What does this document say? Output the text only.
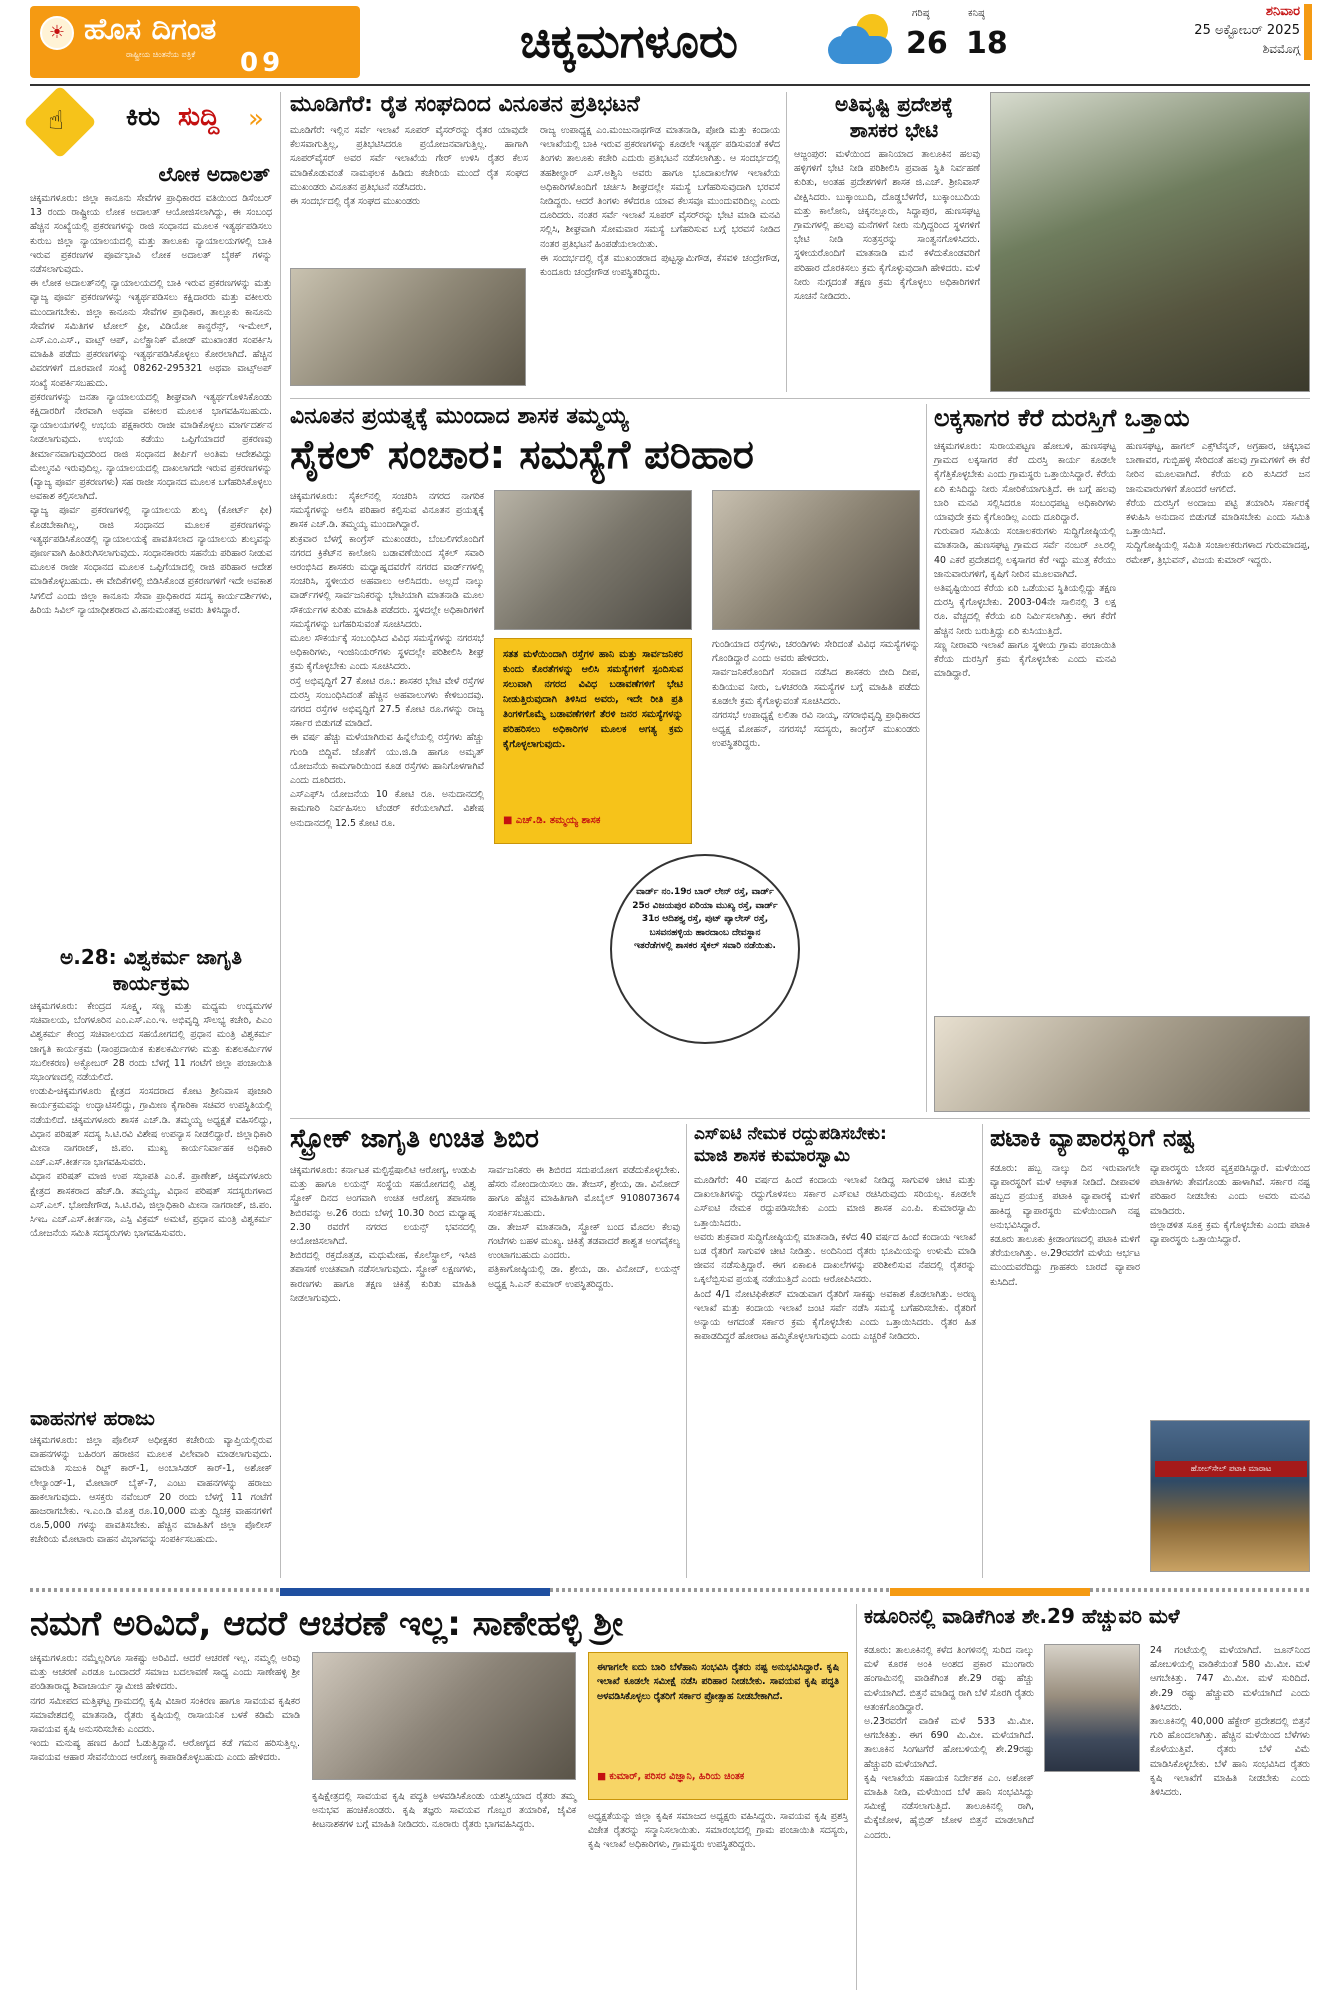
☀ ಹೊಸ ದಿಗಂತ
ರಾಷ್ಟ್ರೀಯ ಚಿಂತನೆಯ ಪತ್ರಿಕೆ 09	ಚಿಕ್ಕಮಗಳೂರು
ಗರಿಷ್ಠ
26
ಕನಿಷ್ಠ
18
ಶನಿವಾರ
25 ಅಕ್ಟೋಬರ್ 2025
ಶಿವಮೊಗ್ಗ
☝ ಕಿರು ಸುದ್ದಿ »
ಲೋಕ ಅದಾಲತ್
ಚಿಕ್ಕಮಗಳೂರು: ಜಿಲ್ಲಾ ಕಾನೂನು ಸೇವೆಗಳ ಪ್ರಾಧಿಕಾರದ ವತಿಯಿಂದ ಡಿಸೆಂಬರ್ 13 ರಂದು ರಾಷ್ಟ್ರೀಯ ಲೋಕ ಅದಾಲತ್ ಆಯೋಜಿಸಲಾಗಿದ್ದು, ಈ ಸಂಬಂಧ ಹೆಚ್ಚಿನ ಸಂಖ್ಯೆಯಲ್ಲಿ ಪ್ರಕರಣಗಳನ್ನು ರಾಜಿ ಸಂಧಾನದ ಮೂಲಕ ಇತ್ಯರ್ಥಪಡಿಸಲು ಕುರುಬ ಜಿಲ್ಲಾ ನ್ಯಾಯಾಲಯದಲ್ಲಿ ಮತ್ತು ತಾಲೂಕು ನ್ಯಾಯಾಲಯಗಳಲ್ಲಿ ಬಾಕಿ ಇರುವ ಪ್ರಕರಣಗಳ ಪೂರ್ವಭಾವಿ ಲೋಕ ಅದಾಲತ್ ಬೈಠಕ್ ಗಳನ್ನು ನಡೆಸಲಾಗುವುದು.
ಈ ಲೋಕ ಅದಾಲತ್‌ನಲ್ಲಿ ನ್ಯಾಯಾಲಯದಲ್ಲಿ ಬಾಕಿ ಇರುವ ಪ್ರಕರಣಗಳನ್ನು ಮತ್ತು ವ್ಯಾಜ್ಯ ಪೂರ್ವ ಪ್ರಕರಣಗಳನ್ನು ಇತ್ಯರ್ಥಪಡಿಸಲು ಕಕ್ಷಿದಾರರು ಮತ್ತು ವಕೀಲರು ಮುಂದಾಗಬೇಕು. ಜಿಲ್ಲಾ ಕಾನೂನು ಸೇವೆಗಳ ಪ್ರಾಧಿಕಾರ, ತಾಲ್ಲೂಕು ಕಾನೂನು ಸೇವೆಗಳ ಸಮಿತಿಗಳ ಟೋಲ್ ಫ್ರೀ, ವಿಡಿಯೋ ಕಾನ್ಫರೆನ್ಸ್, ಇ-ಮೇಲ್, ಎಸ್.ಎಂ.ಎಸ್., ವಾಟ್ಸ್ ಆಪ್, ಎಲೆಕ್ಟ್ರಾನಿಕ್ ಮೋಡ್ ಮುಖಾಂತರ ಸಂಪರ್ಕಿಸಿ ಮಾಹಿತಿ ಪಡೆದು ಪ್ರಕರಣಗಳನ್ನು ಇತ್ಯರ್ಥಪಡಿಸಿಕೊಳ್ಳಲು ಕೋರಲಾಗಿದೆ. ಹೆಚ್ಚಿನ ವಿವರಗಳಿಗೆ ದೂರವಾಣಿ ಸಂಖ್ಯೆ 08262-295321 ಅಥವಾ ವಾಟ್ಸ್ಅಪ್ ಸಂಖ್ಯೆ ಸಂಪರ್ಕಿಸಬಹುದು.
ಪ್ರಕರಣಗಳನ್ನು ಜನತಾ ನ್ಯಾಯಾಲಯದಲ್ಲಿ ಶೀಘ್ರವಾಗಿ ಇತ್ಯರ್ಥಗೊಳಿಸಿಕೊಂಡು ಕಕ್ಷಿದಾರರಿಗೆ ನೇರವಾಗಿ ಅಥವಾ ವಕೀಲರ ಮೂಲಕ ಭಾಗವಹಿಸಬಹುದು. ನ್ಯಾಯಾಲಯಗಳಲ್ಲಿ ಉಭಯ ಪಕ್ಷಕಾರರು ರಾಜೀ ಮಾಡಿಕೊಳ್ಳಲು ಮಾರ್ಗದರ್ಶನ ನೀಡಲಾಗುವುದು. ಉಭಯ ಕಡೆಯು ಒಪ್ಪಿಗೆಯಾದರೆ ಪ್ರಕರಣವು ತೀರ್ಮಾನವಾಗುವುದರಿಂದ ರಾಜಿ ಸಂಧಾನದ ತೀರ್ಪಿಗೆ ಅಂತಿಮ ಆದೇಶವಿದ್ದು ಮೇಲ್ಮನವಿ ಇರುವುದಿಲ್ಲ. ನ್ಯಾಯಾಲಯದಲ್ಲಿ ದಾಖಲಾಗದೇ ಇರುವ ಪ್ರಕರಣಗಳನ್ನು (ವ್ಯಾಜ್ಯ ಪೂರ್ವ ಪ್ರಕರಣಗಳು) ಸಹ ರಾಜೀ ಸಂಧಾನದ ಮೂಲಕ ಬಗೆಹರಿಸಿಕೊಳ್ಳಲು ಅವಕಾಶ ಕಲ್ಪಿಸಲಾಗಿದೆ.
ವ್ಯಾಜ್ಯ ಪೂರ್ವ ಪ್ರಕರಣಗಳಲ್ಲಿ ನ್ಯಾಯಾಲಯ ಶುಲ್ಕ (ಕೋರ್ಟ್ ಫೀ) ಕೊಡಬೇಕಾಗಿಲ್ಲ, ರಾಜಿ ಸಂಧಾನದ ಮೂಲಕ ಪ್ರಕರಣಗಳನ್ನು ಇತ್ಯರ್ಥಪಡಿಸಿಕೊಂಡಲ್ಲಿ ನ್ಯಾಯಾಲಯಕ್ಕೆ ಪಾವತಿಸಲಾದ ನ್ಯಾಯಾಲಯ ಶುಲ್ಕವನ್ನು ಪೂರ್ಣವಾಗಿ ಹಿಂತಿರುಗಿಸಲಾಗುವುದು. ಸಂಧಾನಕಾರರು ಸಹನೆಯ ಪರಿಹಾರ ನೀಡುವ ಮೂಲಕ ರಾಜೀ ಸಂಧಾನದ ಮೂಲಕ ಒಪ್ಪಿಗೆಯಾದಲ್ಲಿ ರಾಜಿ ಪರಿಹಾರ ಆದೇಶ ಮಾಡಿಕೊಳ್ಳಬಹುದು. ಈ ವೇದಿಕೆಗಳಲ್ಲಿ ಬಿಡಿಸಿಕೊಂಡ ಪ್ರಕರಣಗಳಿಗೆ ಇದೇ ಅವಕಾಶ ಸಿಗಲಿದೆ ಎಂದು ಜಿಲ್ಲಾ ಕಾನೂನು ಸೇವಾ ಪ್ರಾಧಿಕಾರದ ಸದಸ್ಯ ಕಾರ್ಯದರ್ಶಿಗಳು, ಹಿರಿಯ ಸಿವಿಲ್ ನ್ಯಾಯಾಧೀಶರಾದ ವಿ.ಹನುಮಂತಪ್ಪ ಅವರು ತಿಳಿಸಿದ್ದಾರೆ.
ಅ.28: ವಿಶ್ವಕರ್ಮ ಜಾಗೃತಿ ಕಾರ್ಯಕ್ರಮ
ಚಿಕ್ಕಮಗಳೂರು: ಕೇಂದ್ರದ ಸೂಕ್ಷ್ಮ, ಸಣ್ಣ ಮತ್ತು ಮಧ್ಯಮ ಉದ್ಯಮಗಳ ಸಚಿವಾಲಯ, ಬೆಂಗಳೂರಿನ ಎಂ.ಎಸ್.ಎಂ.ಇ. ಅಭಿವೃದ್ಧಿ ಸೌಲಭ್ಯ ಕಚೇರಿ, ಪಿಎಂ ವಿಶ್ವಕರ್ಮ ಕೇಂದ್ರ ಸಚಿವಾಲಯದ ಸಹಯೋಗದಲ್ಲಿ ಪ್ರಧಾನ ಮಂತ್ರಿ ವಿಶ್ವಕರ್ಮ ಜಾಗೃತಿ ಕಾರ್ಯಕ್ರಮ (ಸಾಂಪ್ರದಾಯಿಕ ಕುಶಲಕರ್ಮಿಗಳು ಮತ್ತು ಕುಶಲಕರ್ಮಿಗಳ ಸಬಲೀಕರಣ) ಅಕ್ಟೋಬರ್ 28 ರಂದು ಬೆಳಗ್ಗೆ 11 ಗಂಟೆಗೆ ಜಿಲ್ಲಾ ಪಂಚಾಯಿತಿ ಸಭಾಂಗಣದಲ್ಲಿ ನಡೆಯಲಿದೆ.
ಉಡುಪಿ-ಚಿಕ್ಕಮಗಳೂರು ಕ್ಷೇತ್ರದ ಸಂಸದರಾದ ಕೋಟ ಶ್ರೀನಿವಾಸ ಪೂಜಾರಿ ಕಾರ್ಯಕ್ರಮವನ್ನು ಉದ್ಘಾಟಿಸಲಿದ್ದು, ಗ್ರಾಮೀಣ ಕೈಗಾರಿಕಾ ಸಚಿವರ ಉಪಸ್ಥಿತಿಯಲ್ಲಿ ನಡೆಯಲಿದೆ. ಚಿಕ್ಕಮಗಳೂರು ಶಾಸಕ ಎಚ್.ಡಿ. ತಮ್ಮಯ್ಯ ಅಧ್ಯಕ್ಷತೆ ವಹಿಸಲಿದ್ದು, ವಿಧಾನ ಪರಿಷತ್ ಸದಸ್ಯ ಸಿ.ಟಿ.ರವಿ ವಿಶೇಷ ಉಪನ್ಯಾಸ ನೀಡಲಿದ್ದಾರೆ. ಜಿಲ್ಲಾಧಿಕಾರಿ ಮೀನಾ ನಾಗರಾಜ್, ಜಿ.ಪಂ. ಮುಖ್ಯ ಕಾರ್ಯನಿರ್ವಾಹಕ ಅಧಿಕಾರಿ ಎಚ್.ಎಸ್.ಕೀರ್ತನಾ ಭಾಗವಹಿಸುವರು.
ವಿಧಾನ ಪರಿಷತ್ ಮಾಜಿ ಉಪ ಸಭಾಪತಿ ಎಂ.ಕೆ. ಪ್ರಾಣೇಶ್, ಚಿಕ್ಕಮಗಳೂರು ಕ್ಷೇತ್ರದ ಶಾಸಕರಾದ ಹೆಚ್.ಡಿ. ತಮ್ಮಯ್ಯ, ವಿಧಾನ ಪರಿಷತ್ ಸದಸ್ಯರುಗಳಾದ ಎಸ್.ಎಲ್. ಭೋಜೇಗೌಡ, ಸಿ.ಟಿ.ರವಿ, ಜಿಲ್ಲಾಧಿಕಾರಿ ಮೀನಾ ನಾಗರಾಜ್, ಜಿ.ಪಂ. ಸಿಇಒ ಎಚ್.ಎಸ್.ಕೀರ್ತನಾ, ಎಸ್ಪಿ ವಿಕ್ರಮ್ ಅಮಟೆ, ಪ್ರಧಾನ ಮಂತ್ರಿ ವಿಶ್ವಕರ್ಮ ಯೋಜನೆಯ ಸಮಿತಿ ಸದಸ್ಯರುಗಳು ಭಾಗವಹಿಸುವರು.
ವಾಹನಗಳ ಹರಾಜು
ಚಿಕ್ಕಮಗಳೂರು: ಜಿಲ್ಲಾ ಪೊಲೀಸ್ ಅಧೀಕ್ಷಕರ ಕಚೇರಿಯ ವ್ಯಾಪ್ತಿಯಲ್ಲಿರುವ ವಾಹನಗಳನ್ನು ಬಹಿರಂಗ ಹರಾಜಿನ ಮೂಲಕ ವಿಲೇವಾರಿ ಮಾಡಲಾಗುವುದು. ಮಾರುತಿ ಸುಜುಕಿ ರಿಟ್ಜ್ ಕಾರ್-1, ಅಂಬಾಸಿಡರ್ ಕಾರ್-1, ಅಶೋಕ್ ಲೇಲ್ಯಾಂಡ್-1, ಮೋಟಾರ್ ಬೈಕ್-7, ಎಂಟು ವಾಹನಗಳನ್ನು ಹರಾಜು ಹಾಕಲಾಗುವುದು. ಆಸಕ್ತರು ನವೆಂಬರ್ 20 ರಂದು ಬೆಳಗ್ಗೆ 11 ಗಂಟೆಗೆ ಹಾಜರಾಗಬೇಕು. ಇ.ಎಂ.ಡಿ ಮೊತ್ತ ರೂ.10,000 ಮತ್ತು ದ್ವಿಚಕ್ರ ವಾಹನಗಳಿಗೆ ರೂ.5,000 ಗಳನ್ನು ಪಾವತಿಸಬೇಕು. ಹೆಚ್ಚಿನ ಮಾಹಿತಿಗೆ ಜಿಲ್ಲಾ ಪೊಲೀಸ್ ಕಚೇರಿಯ ಮೋಟಾರು ವಾಹನ ವಿಭಾಗವನ್ನು ಸಂಪರ್ಕಿಸಬಹುದು.
ಮೂಡಿಗೆರೆ: ರೈತ ಸಂಘದಿಂದ ವಿನೂತನ ಪ್ರತಿಭಟನೆ
ಮೂಡಿಗೆರೆ: ಇಲ್ಲಿನ ಸರ್ವೆ ಇಲಾಖೆ ಸೂಪರ್ ವೈಸರ್‌ರನ್ನು ರೈತರ ಯಾವುದೇ ಕೆಲಸವಾಗುತ್ತಿಲ್ಲ, ಪ್ರತಿಭಟಿಸಿದರೂ ಪ್ರಯೋಜನವಾಗುತ್ತಿಲ್ಲ. ಹಾಗಾಗಿ ಸೂಪರ್‌ವೈಸರ್ ಅವರ ಸರ್ವೆ ಇಲಾಖೆಯ ಗೇರ್ ಉಳಿಸಿ ರೈತರ ಕೆಲಸ ಮಾಡಿಕೊಡುವಂತೆ ನಾಮಫಲಕ ಹಿಡಿದು ಕಚೇರಿಯ ಮುಂದೆ ರೈತ ಸಂಘದ ಮುಖಂಡರು ವಿನೂತನ ಪ್ರತಿಭಟನೆ ನಡೆಸಿದರು.
ಈ ಸಂದರ್ಭದಲ್ಲಿ ರೈತ ಸಂಘದ ಮುಖಂಡರು
ರಾಜ್ಯ ಉಪಾಧ್ಯಕ್ಷ ಎಂ.ಮಂಜುನಾಥಗೌಡ ಮಾತನಾಡಿ, ಪೋಡಿ ಮತ್ತು ಕಂದಾಯ ಇಲಾಖೆಯಲ್ಲಿ ಬಾಕಿ ಇರುವ ಪ್ರಕರಣಗಳನ್ನು ಕೂಡಲೇ ಇತ್ಯರ್ಥ ಪಡಿಸುವಂತೆ ಕಳೆದ ತಿಂಗಳು ತಾಲೂಕು ಕಚೇರಿ ಎದುರು ಪ್ರತಿಭಟನೆ ನಡೆಸಲಾಗಿತ್ತು. ಆ ಸಂದರ್ಭದಲ್ಲಿ ತಹಶೀಲ್ದಾರ್ ಎಸ್.ಅಶ್ವಿನಿ ಅವರು ಹಾಗೂ ಭೂದಾಖಲೆಗಳ ಇಲಾಖೆಯ ಅಧಿಕಾರಿಗಳೊಂದಿಗೆ ಚರ್ಚಿಸಿ ಶೀಘ್ರದಲ್ಲೇ ಸಮಸ್ಯೆ ಬಗೆಹರಿಸುವುದಾಗಿ ಭರವಸೆ ನೀಡಿದ್ದರು. ಆದರೆ ತಿಂಗಳು ಕಳೆದರೂ ಯಾವ ಕೆಲಸವೂ ಮುಂದುವರಿದಿಲ್ಲ ಎಂದು ದೂರಿದರು. ನಂತರ ಸರ್ವೆ ಇಲಾಖೆ ಸೂಪರ್ ವೈಸರ್‌ರನ್ನು ಭೇಟಿ ಮಾಡಿ ಮನವಿ ಸಲ್ಲಿಸಿ, ಶೀಘ್ರವಾಗಿ ಸೋಮವಾರ ಸಮಸ್ಯೆ ಬಗೆಹರಿಸುವ ಬಗ್ಗೆ ಭರವಸೆ ನೀಡಿದ ನಂತರ ಪ್ರತಿಭಟನೆ ಹಿಂಪಡೆಯಲಾಯಿತು.
ಈ ಸಂದರ್ಭದಲ್ಲಿ ರೈತ ಮುಖಂಡರಾದ ಪುಟ್ಟಸ್ವಾಮಿಗೌಡ, ಕೆಸವಳಿ ಚಂದ್ರೇಗೌಡ, ಕುಂದೂರು ಚಂದ್ರೇಗೌಡ ಉಪಸ್ಥಿತರಿದ್ದರು.
ಅತಿವೃಷ್ಟಿ ಪ್ರದೇಶಕ್ಕೆ
ಶಾಸಕರ ಭೇಟಿ
ಆಜ್ಜಂಪುರ: ಮಳೆಯಿಂದ ಹಾನಿಯಾದ ತಾಲೂಕಿನ ಹಲವು ಹಳ್ಳಿಗಳಿಗೆ ಭೇಟಿ ನೀಡಿ ಪರಿಶೀಲಿಸಿ ಪ್ರವಾಹ ಸ್ಥಿತಿ ನಿರ್ವಹಣೆ ಕುರಿತು, ಅಂತಹ ಪ್ರದೇಶಗಳಿಗೆ ಶಾಸಕ ಜಿ.ಎಚ್. ಶ್ರೀನಿವಾಸ್ ವೀಕ್ಷಿಸಿದರು. ಬುಕ್ಕಾಂಬುದಿ, ದೊಡ್ಡಬೆಳಗೆರೆ, ಬುಕ್ಕಾಂಬುದಿಯ ಮತ್ತು ಕಾಲೋನಿ, ಚಿಕ್ಕನಲ್ಲೂರು, ಸಿದ್ದಾಪುರ, ಹುಣಸಘಟ್ಟ ಗ್ರಾಮಗಳಲ್ಲಿ ಹಲವು ಮನೆಗಳಿಗೆ ನೀರು ನುಗ್ಗಿದ್ದರಿಂದ ಸ್ಥಳಗಳಿಗೆ ಭೇಟಿ ನೀಡಿ ಸಂತ್ರಸ್ತರನ್ನು ಸಾಂತ್ವನಗೊಳಿಸಿದರು. ಸ್ಥಳೀಯರೊಂದಿಗೆ ಮಾತನಾಡಿ ಮನೆ ಕಳೆದುಕೊಂಡವರಿಗೆ ಪರಿಹಾರ ದೊರಕಿಸಲು ಕ್ರಮ ಕೈಗೊಳ್ಳುವುದಾಗಿ ಹೇಳಿದರು. ಮಳೆ ನೀರು ನುಗ್ಗದಂತೆ ತಕ್ಷಣ ಕ್ರಮ ಕೈಗೊಳ್ಳಲು ಅಧಿಕಾರಿಗಳಿಗೆ ಸೂಚನೆ ನೀಡಿದರು.
ವಿನೂತನ ಪ್ರಯತ್ನಕ್ಕೆ ಮುಂದಾದ ಶಾಸಕ ತಮ್ಮಯ್ಯ
ಸೈಕಲ್ ಸಂಚಾರ: ಸಮಸ್ಯೆಗೆ ಪರಿಹಾರ
ಚಿಕ್ಕಮಗಳೂರು: ಸೈಕಲ್‌ನಲ್ಲಿ ಸಂಚರಿಸಿ ನಗರದ ನಾಗರಿಕ ಸಮಸ್ಯೆಗಳನ್ನು ಆಲಿಸಿ ಪರಿಹಾರ ಕಲ್ಪಿಸುವ ವಿನೂತನ ಪ್ರಯತ್ನಕ್ಕೆ ಶಾಸಕ ಎಚ್.ಡಿ. ತಮ್ಮಯ್ಯ ಮುಂದಾಗಿದ್ದಾರೆ.
ಶುಕ್ರವಾರ ಬೆಳಗ್ಗೆ ಕಾಂಗ್ರೆಸ್ ಮುಖಂಡರು, ಬೆಂಬಲಿಗರೊಂದಿಗೆ ನಗರದ ಕ್ರಿಕೆಟ್‌ನ ಕಾಲೋನಿ ಬಡಾವಣೆಯಿಂದ ಸೈಕಲ್ ಸವಾರಿ ಆರಂಭಿಸಿದ ಶಾಸಕರು ಮಧ್ಯಾಹ್ನದವರೆಗೆ ನಗರದ ವಾರ್ಡ್‌ಗಳಲ್ಲಿ ಸಂಚರಿಸಿ, ಸ್ಥಳೀಯರ ಅಹವಾಲು ಆಲಿಸಿದರು. ಅಲ್ಲದೆ ನಾಲ್ಕು ವಾರ್ಡ್‌ಗಳಲ್ಲಿ ಸಾರ್ವಜನಿಕರನ್ನು ಭೇಟಿಯಾಗಿ ಮಾತನಾಡಿ ಮೂಲ ಸೌಕರ್ಯಗಳ ಕುರಿತು ಮಾಹಿತಿ ಪಡೆದರು. ಸ್ಥಳದಲ್ಲೇ ಅಧಿಕಾರಿಗಳಿಗೆ ಸಮಸ್ಯೆಗಳನ್ನು ಬಗೆಹರಿಸುವಂತೆ ಸೂಚಿಸಿದರು.
ಮೂಲ ಸೌಕರ್ಯಕ್ಕೆ ಸಂಬಂಧಿಸಿದ ವಿವಿಧ ಸಮಸ್ಯೆಗಳನ್ನು ನಗರಸಭೆ ಅಧಿಕಾರಿಗಳು, ಇಂಜಿನಿಯರ್‌ಗಳು ಸ್ಥಳದಲ್ಲೇ ಪರಿಶೀಲಿಸಿ ಶೀಘ್ರ ಕ್ರಮ ಕೈಗೊಳ್ಳಬೇಕು ಎಂದು ಸೂಚಿಸಿದರು.
ರಸ್ತೆ ಅಭಿವೃದ್ಧಿಗೆ 27 ಕೋಟಿ ರೂ.: ಶಾಸಕರ ಭೇಟಿ ವೇಳೆ ರಸ್ತೆಗಳ ದುರಸ್ತಿ ಸಂಬಂಧಿಸಿದಂತೆ ಹೆಚ್ಚಿನ ಅಹವಾಲುಗಳು ಕೇಳಿಬಂದವು. ನಗರದ ರಸ್ತೆಗಳ ಅಭಿವೃದ್ಧಿಗೆ 27.5 ಕೋಟಿ ರೂ.ಗಳನ್ನು ರಾಜ್ಯ ಸರ್ಕಾರ ಬಿಡುಗಡೆ ಮಾಡಿದೆ.
ಈ ವರ್ಷ ಹೆಚ್ಚು ಮಳೆಯಾಗಿರುವ ಹಿನ್ನೆಲೆಯಲ್ಲಿ ರಸ್ತೆಗಳು ಹೆಚ್ಚು ಗುಂಡಿ ಬಿದ್ದಿವೆ. ಜೊತೆಗೆ ಯು.ಜಿ.ಡಿ ಹಾಗೂ ಅಮೃತ್ ಯೋಜನೆಯ ಕಾಮಗಾರಿಯಿಂದ ಕೂಡ ರಸ್ತೆಗಳು ಹಾನಿಗೊಳಗಾಗಿವೆ ಎಂದು ದೂರಿದರು.
ಎಸ್‌ಎಫ್‌ಸಿ ಯೋಜನೆಯ 10 ಕೋಟಿ ರೂ. ಅನುದಾನದಲ್ಲಿ ಕಾಮಗಾರಿ ನಿರ್ವಹಿಸಲು ಟೆಂಡರ್ ಕರೆಯಲಾಗಿದೆ. ವಿಶೇಷ ಅನುದಾನದಲ್ಲಿ 12.5 ಕೋಟಿ ರೂ.
ಸತತ ಮಳೆಯಿಂದಾಗಿ ರಸ್ತೆಗಳ ಹಾನಿ ಮತ್ತು ಸಾರ್ವಜನಿಕರ ಕುಂದು ಕೊರತೆಗಳನ್ನು ಆಲಿಸಿ ಸಮಸ್ಯೆಗಳಿಗೆ ಸ್ಪಂದಿಸುವ ಸಲುವಾಗಿ ನಗರದ ವಿವಿಧ ಬಡಾವಣೆಗಳಿಗೆ ಭೇಟಿ ನೀಡುತ್ತಿರುವುದಾಗಿ ತಿಳಿಸಿದ ಅವರು, ಇದೇ ರೀತಿ ಪ್ರತಿ ತಿಂಗಳಿಗೊಮ್ಮೆ ಬಡಾವಣೆಗಳಿಗೆ ತೆರಳಿ ಜನರ ಸಮಸ್ಯೆಗಳನ್ನು ಪರಿಹರಿಸಲು ಅಧಿಕಾರಿಗಳ ಮೂಲಕ ಅಗತ್ಯ ಕ್ರಮ ಕೈಗೊಳ್ಳಲಾಗುವುದು.
■ ಎಚ್.ಡಿ. ತಮ್ಮಯ್ಯ ಶಾಸಕ
ಗುಂಡಿಯಾದ ರಸ್ತೆಗಳು, ಚರಂಡಿಗಳು ಸೇರಿದಂತೆ ವಿವಿಧ ಸಮಸ್ಯೆಗಳನ್ನು ಗೊಂಡಿದ್ದಾರೆ ಎಂದು ಅವರು ಹೇಳಿದರು.
ಸಾರ್ವಜನಿಕರೊಂದಿಗೆ ಸಂವಾದ ನಡೆಸಿದ ಶಾಸಕರು ಬೀದಿ ದೀಪ, ಕುಡಿಯುವ ನೀರು, ಒಳಚರಂಡಿ ಸಮಸ್ಯೆಗಳ ಬಗ್ಗೆ ಮಾಹಿತಿ ಪಡೆದು ಕೂಡಲೇ ಕ್ರಮ ಕೈಗೊಳ್ಳುವಂತೆ ಸೂಚಿಸಿದರು.
ನಗರಸಭೆ ಉಪಾಧ್ಯಕ್ಷೆ ಲಲಿತಾ ರವಿ ನಾಯ್ಕ, ನಗರಾಭಿವೃದ್ಧಿ ಪ್ರಾಧಿಕಾರದ ಅಧ್ಯಕ್ಷ ಮೋಹನ್, ನಗರಸಭೆ ಸದಸ್ಯರು, ಕಾಂಗ್ರೆಸ್ ಮುಖಂಡರು ಉಪಸ್ಥಿತರಿದ್ದರು.
ವಾರ್ಡ್ ನಂ.19ರ ಬಾರ್ ಲೇನ್ ರಸ್ತೆ, ವಾರ್ಡ್ 25ರ ವಿಜಯಪುರ ಏರಿಯಾ ಮುಖ್ಯ ರಸ್ತೆ, ವಾರ್ಡ್ 31ರ ಆದಿಶಕ್ತ್ಯ ರಸ್ತೆ, ಪುಟ್ ಪ್ಯಾಲೇಸ್ ರಸ್ತೆ, ಬಸವನಹಳ್ಳಿಯ ಹಾರದಾಂಬ ದೇವಸ್ಥಾನ ಇತರೆಡೆಗಳಲ್ಲಿ ಶಾಸಕರ ಸೈಕಲ್ ಸವಾರಿ ನಡೆಯಿತು.
ಲಕ್ಕಸಾಗರ ಕೆರೆ ದುರಸ್ತಿಗೆ ಒತ್ತಾಯ
ಚಿಕ್ಕಮಗಳೂರು: ಸುರಾಯಪಟ್ಟಣ ಹೋಬಳಿ, ಹುಣಸಘಟ್ಟ ಗ್ರಾಮದ ಲಕ್ಕಸಾಗರ ಕೆರೆ ದುರಸ್ತಿ ಕಾರ್ಯ ಕೂಡಲೇ ಕೈಗೆತ್ತಿಕೊಳ್ಳಬೇಕು ಎಂದು ಗ್ರಾಮಸ್ಥರು ಒತ್ತಾಯಿಸಿದ್ದಾರೆ. ಕೆರೆಯ ಏರಿ ಕುಸಿದಿದ್ದು ನೀರು ಸೋರಿಕೆಯಾಗುತ್ತಿದೆ. ಈ ಬಗ್ಗೆ ಹಲವು ಬಾರಿ ಮನವಿ ಸಲ್ಲಿಸಿದರೂ ಸಂಬಂಧಪಟ್ಟ ಅಧಿಕಾರಿಗಳು ಯಾವುದೇ ಕ್ರಮ ಕೈಗೊಂಡಿಲ್ಲ ಎಂದು ದೂರಿದ್ದಾರೆ.
ಗುರುವಾರ ಸಮಿತಿಯ ಸಂಚಾಲಕರುಗಳು ಸುದ್ದಿಗೋಷ್ಠಿಯಲ್ಲಿ ಮಾತನಾಡಿ, ಹುಣಸಘಟ್ಟ ಗ್ರಾಮದ ಸರ್ವೆ ನಂಬರ್ ೨೬ರಲ್ಲಿ 40 ಎಕರೆ ಪ್ರದೇಶದಲ್ಲಿ ಲಕ್ಕಸಾಗರ ಕೆರೆ ಇದ್ದು ಮುತ್ತ ಕೆರೆಯು ಜಾನುವಾರುಗಳಿಗೆ, ಕೃಷಿಗೆ ನೀರಿನ ಮೂಲವಾಗಿದೆ.
ಅತಿವೃಷ್ಟಿಯಿಂದ ಕೆರೆಯ ಏರಿ ಒಡೆಯುವ ಸ್ಥಿತಿಯಲ್ಲಿದ್ದು ತಕ್ಷಣ ದುರಸ್ತಿ ಕೈಗೊಳ್ಳಬೇಕು. 2003-04ನೇ ಸಾಲಿನಲ್ಲಿ 3 ಲಕ್ಷ ರೂ. ವೆಚ್ಚದಲ್ಲಿ ಕೆರೆಯ ಏರಿ ನಿರ್ಮಿಸಲಾಗಿತ್ತು. ಈಗ ಕೆರೆಗೆ ಹೆಚ್ಚಿನ ನೀರು ಬರುತ್ತಿದ್ದು ಏರಿ ಕುಸಿಯುತ್ತಿದೆ.
ಸಣ್ಣ ನೀರಾವರಿ ಇಲಾಖೆ ಹಾಗೂ ಸ್ಥಳೀಯ ಗ್ರಾಮ ಪಂಚಾಯಿತಿ ಕೆರೆಯ ದುರಸ್ತಿಗೆ ಕ್ರಮ ಕೈಗೊಳ್ಳಬೇಕು ಎಂದು ಮನವಿ ಮಾಡಿದ್ದಾರೆ.
ಹುಣಸಘಟ್ಟ, ಹಾಗಲ್ ಎಕ್ಸ್‌ಟೆನ್ಶನ್, ಅಗ್ರಹಾರ, ಚಿಕ್ಕಭಾವ ಬಾಣಾವರ, ಗುಬ್ಬಿಹಳ್ಳಿ ಸೇರಿದಂತೆ ಹಲವು ಗ್ರಾಮಗಳಿಗೆ ಈ ಕೆರೆ ನೀರಿನ ಮೂಲವಾಗಿದೆ. ಕೆರೆಯ ಏರಿ ಕುಸಿದರೆ ಜನ ಜಾನುವಾರುಗಳಿಗೆ ತೊಂದರೆ ಆಗಲಿದೆ.
ಕೆರೆಯ ದುರಸ್ತಿಗೆ ಅಂದಾಜು ಪಟ್ಟಿ ತಯಾರಿಸಿ ಸರ್ಕಾರಕ್ಕೆ ಕಳುಹಿಸಿ ಅನುದಾನ ಬಿಡುಗಡೆ ಮಾಡಿಸಬೇಕು ಎಂದು ಸಮಿತಿ ಒತ್ತಾಯಿಸಿದೆ.
ಸುದ್ದಿಗೋಷ್ಠಿಯಲ್ಲಿ ಸಮಿತಿ ಸಂಚಾಲಕರುಗಳಾದ ಗುರುಮಾದಪ್ಪ, ರಮೇಶ್, ತ್ರಿಭುವನ್, ವಿಜಯ ಕುಮಾರ್ ಇದ್ದರು.
ಸ್ಟ್ರೋಕ್ ಜಾಗೃತಿ ಉಚಿತ ಶಿಬಿರ
ಚಿಕ್ಕಮಗಳೂರು: ಕರ್ನಾಟಕ ಮಲ್ಟಿಸ್ಪೆಷಾಲಿಟಿ ಆರೋಗ್ಯ, ಉಡುಪಿ ಮತ್ತು ಹಾಗೂ ಲಯನ್ಸ್ ಸಂಸ್ಥೆಯ ಸಹಯೋಗದಲ್ಲಿ ವಿಶ್ವ ಸ್ಟ್ರೋಕ್ ದಿನದ ಅಂಗವಾಗಿ ಉಚಿತ ಆರೋಗ್ಯ ತಪಾಸಣಾ ಶಿಬಿರವನ್ನು ಅ.26 ರಂದು ಬೆಳಗ್ಗೆ 10.30 ರಿಂದ ಮಧ್ಯಾಹ್ನ 2.30 ರವರೆಗೆ ನಗರದ ಲಯನ್ಸ್ ಭವನದಲ್ಲಿ ಆಯೋಜಿಸಲಾಗಿದೆ.
ಶಿಬಿರದಲ್ಲಿ ರಕ್ತದೊತ್ತಡ, ಮಧುಮೇಹ, ಕೊಲೆಸ್ಟ್ರಾಲ್, ಇಸಿಜಿ ತಪಾಸಣೆ ಉಚಿತವಾಗಿ ನಡೆಸಲಾಗುವುದು. ಸ್ಟ್ರೋಕ್ ಲಕ್ಷಣಗಳು, ಕಾರಣಗಳು ಹಾಗೂ ತಕ್ಷಣ ಚಿಕಿತ್ಸೆ ಕುರಿತು ಮಾಹಿತಿ ನೀಡಲಾಗುವುದು.
ಸಾರ್ವಜನಿಕರು ಈ ಶಿಬಿರದ ಸದುಪಯೋಗ ಪಡೆದುಕೊಳ್ಳಬೇಕು. ಹೆಸರು ನೋಂದಾಯಿಸಲು ಡಾ. ತೇಜಸ್, ಶ್ರೇಯ, ಡಾ. ವಿನೋದ್ ಹಾಗೂ ಹೆಚ್ಚಿನ ಮಾಹಿತಿಗಾಗಿ ಮೊಬೈಲ್ 9108073674 ಸಂಪರ್ಕಿಸಬಹುದು.
ಡಾ. ತೇಜಸ್ ಮಾತನಾಡಿ, ಸ್ಟ್ರೋಕ್ ಬಂದ ಮೊದಲ ಕೆಲವು ಗಂಟೆಗಳು ಬಹಳ ಮುಖ್ಯ. ಚಿಕಿತ್ಸೆ ತಡವಾದರೆ ಶಾಶ್ವತ ಅಂಗವೈಕಲ್ಯ ಉಂಟಾಗಬಹುದು ಎಂದರು.
ಪತ್ರಿಕಾಗೋಷ್ಠಿಯಲ್ಲಿ ಡಾ. ಶ್ರೇಯ, ಡಾ. ವಿನೋದ್, ಲಯನ್ಸ್ ಅಧ್ಯಕ್ಷ ಸಿ.ಎನ್ ಕುಮಾರ್ ಉಪಸ್ಥಿತರಿದ್ದರು.
ಎಸ್‌ಐಟಿ ನೇಮಕ ರದ್ದುಪಡಿಸಬೇಕು:
ಮಾಜಿ ಶಾಸಕ ಕುಮಾರಸ್ವಾಮಿ
ಮೂಡಿಗೆರೆ: 40 ವರ್ಷದ ಹಿಂದೆ ಕಂದಾಯ ಇಲಾಖೆ ನೀಡಿದ್ದ ಸಾಗುವಳಿ ಚೀಟಿ ಮತ್ತು ದಾಖಲಾತಿಗಳನ್ನು ರದ್ದುಗೊಳಿಸಲು ಸರ್ಕಾರ ಎಸ್‌ಐಟಿ ರಚಿಸಿರುವುದು ಸರಿಯಲ್ಲ. ಕೂಡಲೇ ಎಸ್‌ಐಟಿ ನೇಮಕ ರದ್ದುಪಡಿಸಬೇಕು ಎಂದು ಮಾಜಿ ಶಾಸಕ ಎಂ.ಪಿ. ಕುಮಾರಸ್ವಾಮಿ ಒತ್ತಾಯಿಸಿದರು.
ಅವರು ಶುಕ್ರವಾರ ಸುದ್ದಿಗೋಷ್ಠಿಯಲ್ಲಿ ಮಾತನಾಡಿ, ಕಳೆದ 40 ವರ್ಷದ ಹಿಂದೆ ಕಂದಾಯ ಇಲಾಖೆ ಬಡ ರೈತರಿಗೆ ಸಾಗುವಳಿ ಚೀಟಿ ನೀಡಿತ್ತು. ಅಂದಿನಿಂದ ರೈತರು ಭೂಮಿಯನ್ನು ಉಳುಮೆ ಮಾಡಿ ಜೀವನ ನಡೆಸುತ್ತಿದ್ದಾರೆ. ಈಗ ಏಕಾಏಕಿ ದಾಖಲೆಗಳನ್ನು ಪರಿಶೀಲಿಸುವ ನೆಪದಲ್ಲಿ ರೈತರನ್ನು ಒಕ್ಕಲೆಬ್ಬಿಸುವ ಪ್ರಯತ್ನ ನಡೆಯುತ್ತಿದೆ ಎಂದು ಆರೋಪಿಸಿದರು.
ಹಿಂದೆ 4/1 ನೋಟಿಫಿಕೇಶನ್ ಮಾಡುವಾಗ ರೈತರಿಗೆ ಸಾಕಷ್ಟು ಅವಕಾಶ ಕೊಡಲಾಗಿತ್ತು. ಅರಣ್ಯ ಇಲಾಖೆ ಮತ್ತು ಕಂದಾಯ ಇಲಾಖೆ ಜಂಟಿ ಸರ್ವೆ ನಡೆಸಿ ಸಮಸ್ಯೆ ಬಗೆಹರಿಸಬೇಕು. ರೈತರಿಗೆ ಅನ್ಯಾಯ ಆಗದಂತೆ ಸರ್ಕಾರ ಕ್ರಮ ಕೈಗೊಳ್ಳಬೇಕು ಎಂದು ಒತ್ತಾಯಿಸಿದರು. ರೈತರ ಹಿತ ಕಾಪಾಡದಿದ್ದರೆ ಹೋರಾಟ ಹಮ್ಮಿಕೊಳ್ಳಲಾಗುವುದು ಎಂದು ಎಚ್ಚರಿಕೆ ನೀಡಿದರು.
ಪಟಾಕಿ ವ್ಯಾಪಾರಸ್ಥರಿಗೆ ನಷ್ಟ
ಕಡೂರು: ಹಬ್ಬ ನಾಲ್ಕು ದಿನ ಇರುವಾಗಲೇ ವ್ಯಾಪಾರಸ್ಥರಿಗೆ ಮಳೆ ಆಘಾತ ನೀಡಿದೆ. ದೀಪಾವಳಿ ಹಬ್ಬದ ಪ್ರಯುಕ್ತ ಪಟಾಕಿ ವ್ಯಾಪಾರಕ್ಕೆ ಮಳಿಗೆ ಹಾಕಿದ್ದ ವ್ಯಾಪಾರಸ್ಥರು ಮಳೆಯಿಂದಾಗಿ ನಷ್ಟ ಅನುಭವಿಸಿದ್ದಾರೆ.
ಕಡೂರು ತಾಲೂಕು ಕ್ರೀಡಾಂಗಣದಲ್ಲಿ ಪಟಾಕಿ ಮಳಿಗೆ ತೆರೆಯಲಾಗಿತ್ತು. ಅ.29ರವರೆಗೆ ಮಳೆಯ ಆರ್ಭಟ ಮುಂದುವರೆದಿದ್ದು ಗ್ರಾಹಕರು ಬಾರದೆ ವ್ಯಾಪಾರ ಕುಸಿದಿದೆ.
ವ್ಯಾಪಾರಸ್ಥರು ಬೇಸರ ವ್ಯಕ್ತಪಡಿಸಿದ್ದಾರೆ. ಮಳೆಯಿಂದ ಪಟಾಕಿಗಳು ತೇವಗೊಂಡು ಹಾಳಾಗಿವೆ. ಸರ್ಕಾರ ನಷ್ಟ ಪರಿಹಾರ ನೀಡಬೇಕು ಎಂದು ಅವರು ಮನವಿ ಮಾಡಿದರು.
ಜಿಲ್ಲಾಡಳಿತ ಸೂಕ್ತ ಕ್ರಮ ಕೈಗೊಳ್ಳಬೇಕು ಎಂದು ಪಟಾಕಿ ವ್ಯಾಪಾರಸ್ಥರು ಒತ್ತಾಯಿಸಿದ್ದಾರೆ.
ಹೋಲ್‌ಸೇಲ್ ಪಟಾಕಿ ಮಾರಾಟ
ನಮಗೆ ಅರಿವಿದೆ, ಆದರೆ ಆಚರಣೆ ಇಲ್ಲ: ಸಾಣೇಹಳ್ಳಿ ಶ್ರೀ
ಚಿಕ್ಕಮಗಳೂರು: ನಮ್ಮೆಲ್ಲರಿಗೂ ಸಾಕಷ್ಟು ಅರಿವಿದೆ. ಆದರೆ ಆಚರಣೆ ಇಲ್ಲ. ನಮ್ಮಲ್ಲಿ ಅರಿವು ಮತ್ತು ಆಚರಣೆ ಎರಡೂ ಒಂದಾದರೆ ಸಮಾಜ ಬದಲಾವಣೆ ಸಾಧ್ಯ ಎಂದು ಸಾಣೇಹಳ್ಳಿ ಶ್ರೀ ಪಂಡಿತಾರಾಧ್ಯ ಶಿವಾಚಾರ್ಯ ಸ್ವಾಮೀಜಿ ಹೇಳಿದರು.
ನಗರ ಸಮೀಪದ ಮತ್ತಿಘಟ್ಟ ಗ್ರಾಮದಲ್ಲಿ ಕೃಷಿ ವಿಚಾರ ಸಂಕಿರಣ ಹಾಗೂ ಸಾವಯವ ಕೃಷಿಕರ ಸಮಾವೇಶದಲ್ಲಿ ಮಾತನಾಡಿ, ರೈತರು ಕೃಷಿಯಲ್ಲಿ ರಾಸಾಯನಿಕ ಬಳಕೆ ಕಡಿಮೆ ಮಾಡಿ ಸಾವಯವ ಕೃಷಿ ಅನುಸರಿಸಬೇಕು ಎಂದರು.
ಇಂದು ಮನುಷ್ಯ ಹಣದ ಹಿಂದೆ ಓಡುತ್ತಿದ್ದಾನೆ. ಆರೋಗ್ಯದ ಕಡೆ ಗಮನ ಹರಿಸುತ್ತಿಲ್ಲ. ಸಾವಯವ ಆಹಾರ ಸೇವನೆಯಿಂದ ಆರೋಗ್ಯ ಕಾಪಾಡಿಕೊಳ್ಳಬಹುದು ಎಂದು ಹೇಳಿದರು.
ಕೃಷಿಕ್ಷೇತ್ರದಲ್ಲಿ ಸಾವಯವ ಕೃಷಿ ಪದ್ಧತಿ ಅಳವಡಿಸಿಕೊಂಡು ಯಶಸ್ವಿಯಾದ ರೈತರು ತಮ್ಮ ಅನುಭವ ಹಂಚಿಕೊಂಡರು. ಕೃಷಿ ತಜ್ಞರು ಸಾವಯವ ಗೊಬ್ಬರ ತಯಾರಿಕೆ, ಜೈವಿಕ ಕೀಟನಾಶಕಗಳ ಬಗ್ಗೆ ಮಾಹಿತಿ ನೀಡಿದರು. ನೂರಾರು ರೈತರು ಭಾಗವಹಿಸಿದ್ದರು.
ಈಗಾಗಲೇ ಐದು ಬಾರಿ ಬೆಳೆಹಾನಿ ಸಂಭವಿಸಿ ರೈತರು ನಷ್ಟ ಅನುಭವಿಸಿದ್ದಾರೆ. ಕೃಷಿ ಇಲಾಖೆ ಕೂಡಲೇ ಸಮೀಕ್ಷೆ ನಡೆಸಿ ಪರಿಹಾರ ನೀಡಬೇಕು. ಸಾವಯವ ಕೃಷಿ ಪದ್ಧತಿ ಅಳವಡಿಸಿಕೊಳ್ಳಲು ರೈತರಿಗೆ ಸರ್ಕಾರ ಪ್ರೋತ್ಸಾಹ ನೀಡಬೇಕಾಗಿದೆ.
■ ಕುಮಾರ್, ಪರಿಸರ ವಿಜ್ಞಾನಿ, ಹಿರಿಯ ಚಿಂತಕ
ಅಧ್ಯಕ್ಷತೆಯನ್ನು ಜಿಲ್ಲಾ ಕೃಷಿಕ ಸಮಾಜದ ಅಧ್ಯಕ್ಷರು ವಹಿಸಿದ್ದರು. ಸಾವಯವ ಕೃಷಿ ಪ್ರಶಸ್ತಿ ವಿಜೇತ ರೈತರನ್ನು ಸನ್ಮಾನಿಸಲಾಯಿತು. ಸಮಾರಂಭದಲ್ಲಿ ಗ್ರಾಮ ಪಂಚಾಯಿತಿ ಸದಸ್ಯರು, ಕೃಷಿ ಇಲಾಖೆ ಅಧಿಕಾರಿಗಳು, ಗ್ರಾಮಸ್ಥರು ಉಪಸ್ಥಿತರಿದ್ದರು.
ಕಡೂರಿನಲ್ಲಿ ವಾಡಿಕೆಗಿಂತ ಶೇ.29 ಹೆಚ್ಚುವರಿ ಮಳೆ
ಕಡೂರು: ತಾಲೂಕಿನಲ್ಲಿ ಕಳೆದ ತಿಂಗಳಿನಲ್ಲಿ ಸುರಿದ ನಾಲ್ಕು ಮಳೆ ಕೂರಕ ಅಂಕಿ ಅಂಶದ ಪ್ರಕಾರ ಮುಂಗಾರು ಹಂಗಾಮಿನಲ್ಲಿ ವಾಡಿಕೆಗಿಂತ ಶೇ.29 ರಷ್ಟು ಹೆಚ್ಚು ಮಳೆಯಾಗಿದೆ. ಬಿತ್ತನೆ ಮಾಡಿದ್ದ ರಾಗಿ ಬೆಳೆ ಸೊರಗಿ ರೈತರು ಆತಂಕಗೊಂಡಿದ್ದಾರೆ.
ಅ.23ರವರೆಗೆ ವಾಡಿಕೆ ಮಳೆ 533 ಮಿ.ಮೀ. ಆಗಬೇಕಿತ್ತು. ಈಗ 690 ಮಿ.ಮೀ. ಮಳೆಯಾಗಿದೆ. ತಾಲೂಕಿನ ಸಿಂಗಟಗೆರೆ ಹೋಬಳಿಯಲ್ಲಿ ಶೇ.29ರಷ್ಟು ಹೆಚ್ಚುವರಿ ಮಳೆಯಾಗಿದೆ.
ಕೃಷಿ ಇಲಾಖೆಯ ಸಹಾಯಕ ನಿರ್ದೇಶಕ ಎಂ. ಅಶೋಕ್ ಮಾಹಿತಿ ನೀಡಿ, ಮಳೆಯಿಂದ ಬೆಳೆ ಹಾನಿ ಸಂಭವಿಸಿದ್ದು ಸಮೀಕ್ಷೆ ನಡೆಸಲಾಗುತ್ತಿದೆ. ತಾಲೂಕಿನಲ್ಲಿ ರಾಗಿ, ಮೆಕ್ಕೆಜೋಳ, ಹೈಬ್ರಿಡ್ ಜೋಳ ಬಿತ್ತನೆ ಮಾಡಲಾಗಿದೆ ಎಂದರು.
24 ಗಂಟೆಯಲ್ಲಿ ಮಳೆಯಾಗಿದೆ. ಜೂನ್‌ನಿಂದ ಹೋಬಳಿಯಲ್ಲಿ ವಾಡಿಕೆಯಂತೆ 580 ಮಿ.ಮೀ. ಮಳೆ ಆಗಬೇಕಿತ್ತು. 747 ಮಿ.ಮೀ. ಮಳೆ ಸುರಿದಿದೆ. ಶೇ.29 ರಷ್ಟು ಹೆಚ್ಚುವರಿ ಮಳೆಯಾಗಿದೆ ಎಂದು ತಿಳಿಸಿದರು.
ತಾಲೂಕಿನಲ್ಲಿ 40,000 ಹೆಕ್ಟೇರ್ ಪ್ರದೇಶದಲ್ಲಿ ಬಿತ್ತನೆ ಗುರಿ ಹೊಂದಲಾಗಿತ್ತು. ಹೆಚ್ಚಿನ ಮಳೆಯಿಂದ ಬೆಳೆಗಳು ಕೊಳೆಯುತ್ತಿವೆ. ರೈತರು ಬೆಳೆ ವಿಮೆ ಮಾಡಿಸಿಕೊಳ್ಳಬೇಕು. ಬೆಳೆ ಹಾನಿ ಸಂಭವಿಸಿದ ರೈತರು ಕೃಷಿ ಇಲಾಖೆಗೆ ಮಾಹಿತಿ ನೀಡಬೇಕು ಎಂದು ತಿಳಿಸಿದರು.
